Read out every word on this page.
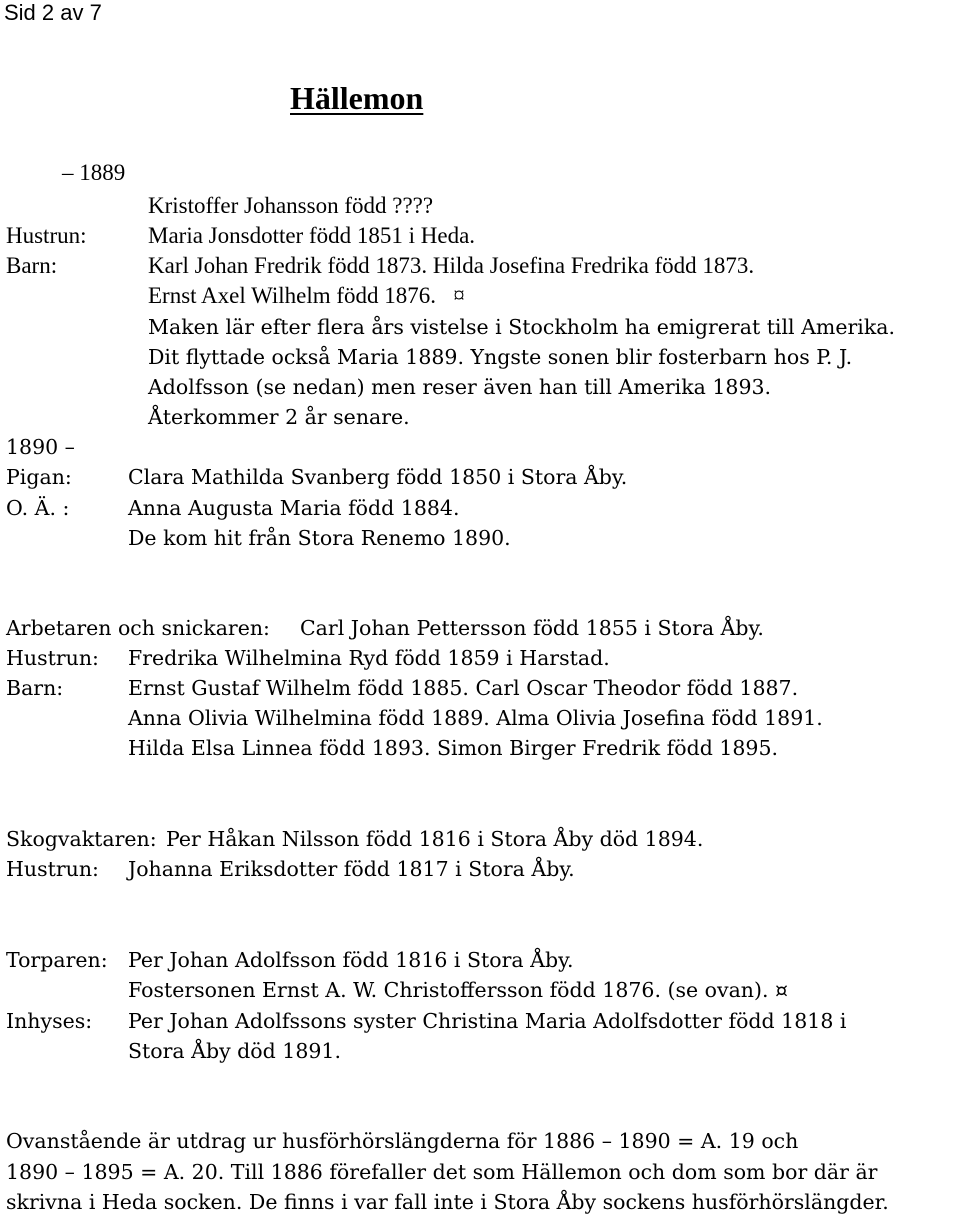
Sid 2 av 7
Hällemon
– 1889
Kristoffer Johansson född ????
Hustrun:	Maria Jonsdotter född 1851 i Heda.
Barn:	Karl Johan Fredrik född 1873. Hilda Josefina Fredrika född 1873.
Ernst Axel Wilhelm född 1876.   ¤
Maken lär efter flera års vistelse i Stockholm ha emigrerat till Amerika.
Dit flyttade också Maria 1889. Yngste sonen blir fosterbarn hos P. J.
Adolfsson (se nedan) men reser även han till Amerika 1893.
Återkommer 2 år senare.
1890 –
Pigan:	Clara Mathilda Svanberg född 1850 i Stora Åby.
O. Ä. :	Anna Augusta Maria född 1884.
De kom hit från Stora Renemo 1890.
Arbetaren och snickaren: Carl Johan Pettersson född 1855 i Stora Åby.
Hustrun: Fredrika Wilhelmina Ryd född 1859 i Harstad.
Barn:	Ernst Gustaf Wilhelm född 1885. Carl Oscar Theodor född 1887.
Anna Olivia Wilhelmina född 1889. Alma Olivia Josefina född 1891.
Hilda Elsa Linnea född 1893. Simon Birger Fredrik född 1895.
Skogvaktaren: Per Håkan Nilsson född 1816 i Stora Åby död 1894.
Hustrun: Johanna Eriksdotter född 1817 i Stora Åby.
Torparen: Per Johan Adolfsson född 1816 i Stora Åby.
Fostersonen Ernst A. W. Christoffersson född 1876. (se ovan). ¤
Inhyses: Per Johan Adolfssons syster Christina Maria Adolfsdotter född 1818 i
Stora Åby död 1891.
Ovanstående är utdrag ur husförhörslängderna för 1886 – 1890 = A. 19 och
1890 – 1895 = A. 20. Till 1886 förefaller det som Hällemon och dom som bor där är
skrivna i Heda socken. De finns i var fall inte i Stora Åby sockens husförhörslängder.
